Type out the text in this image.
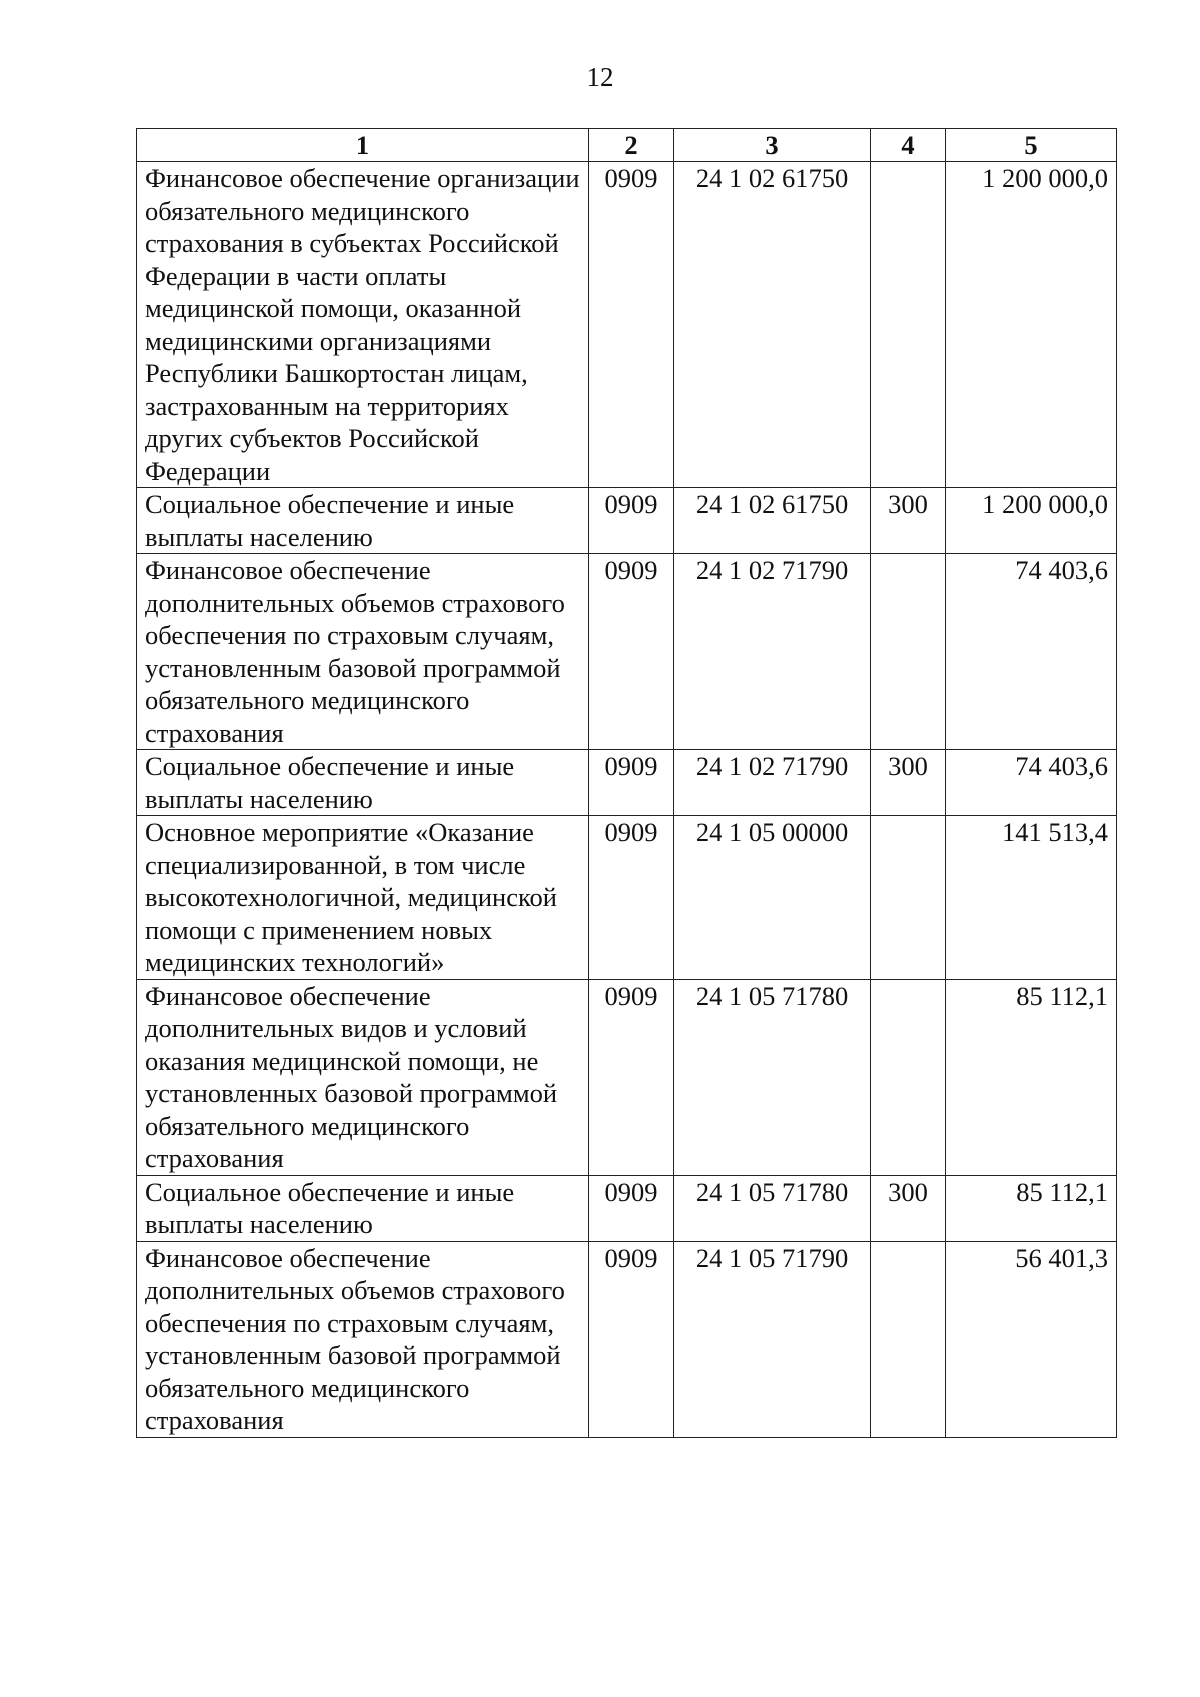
12
1	2	3	4	5
Финансовое обеспечение организации обязательного медицинского страхования в субъектах Российской Федерации в части оплаты медицинской помощи, оказанной медицинскими организациями Республики Башкортостан лицам, застрахованным на территориях других субъектов Российской Федерации	0909	24 1 02 61750		1 200 000,0
Социальное обеспечение и иные выплаты населению	0909	24 1 02 61750	300	1 200 000,0
Финансовое обеспечение дополнительных объемов страхового обеспечения по страховым случаям, установленным базовой программой обязательного медицинского страхования	0909	24 1 02 71790		74 403,6
Социальное обеспечение и иные выплаты населению	0909	24 1 02 71790	300	74 403,6
Основное мероприятие «Оказание специализированной, в том числе высокотехнологичной, медицинской помощи с применением новых медицинских технологий»	0909	24 1 05 00000		141 513,4
Финансовое обеспечение дополнительных видов и условий оказания медицинской помощи, не установленных базовой программой обязательного медицинского страхования	0909	24 1 05 71780		85 112,1
Социальное обеспечение и иные выплаты населению	0909	24 1 05 71780	300	85 112,1
Финансовое обеспечение дополнительных объемов страхового обеспечения по страховым случаям, установленным базовой программой обязательного медицинского страхования	0909	24 1 05 71790		56 401,3
